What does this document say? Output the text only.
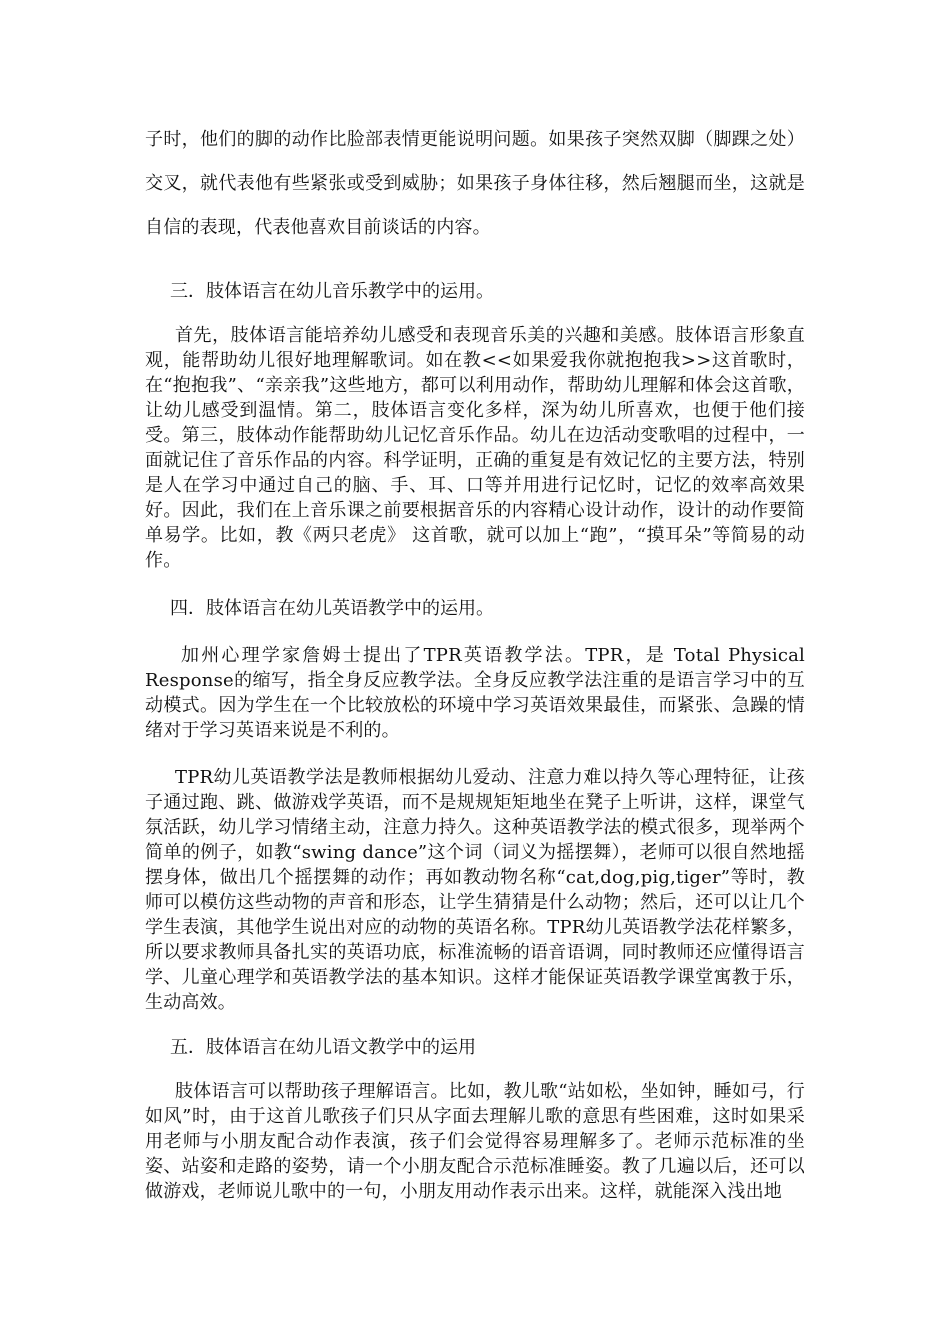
子时，他们的脚的动作比脸部表情更能说明问题。如果孩子突然双脚（脚踝之处）交叉，就代表他有些紧张或受到威胁；如果孩子身体往移，然后翘腿而坐，这就是自信的表现，代表他喜欢目前谈话的内容。

三．肢体语言在幼儿音乐教学中的运用。

首先，肢体语言能培养幼儿感受和表现音乐美的兴趣和美感。肢体语言形象直观，能帮助幼儿很好地理解歌词。如在教<<如果爱我你就抱抱我>>这首歌时，在“抱抱我”、“亲亲我”这些地方，都可以利用动作，帮助幼儿理解和体会这首歌，让幼儿感受到温情。第二，肢体语言变化多样，深为幼儿所喜欢，也便于他们接受。第三，肢体动作能帮助幼儿记忆音乐作品。幼儿在边活动变歌唱的过程中，一面就记住了音乐作品的内容。科学证明，正确的重复是有效记忆的主要方法，特别是人在学习中通过自己的脑、手、耳、口等并用进行记忆时，记忆的效率高效果好。因此，我们在上音乐课之前要根据音乐的内容精心设计动作，设计的动作要简单易学。比如，教《两只老虎》 这首歌，就可以加上“跑”，“摸耳朵”等简易的动作。

四．肢体语言在幼儿英语教学中的运用。

加州心理学家詹姆士提出了TPR英语教学法。TPR，是 Total Physical Response的缩写，指全身反应教学法。全身反应教学法注重的是语言学习中的互动模式。因为学生在一个比较放松的环境中学习英语效果最佳，而紧张、急躁的情绪对于学习英语来说是不利的。

TPR幼儿英语教学法是教师根据幼儿爱动、注意力难以持久等心理特征，让孩子通过跑、跳、做游戏学英语，而不是规规矩矩地坐在凳子上听讲，这样，课堂气氛活跃，幼儿学习情绪主动，注意力持久。这种英语教学法的模式很多，现举两个简单的例子，如教“swing dance”这个词（词义为摇摆舞），老师可以很自然地摇摆身体，做出几个摇摆舞的动作；再如教动物名称“cat,dog,pig,tiger”等时，教师可以模仿这些动物的声音和形态，让学生猜猜是什么动物；然后，还可以让几个学生表演，其他学生说出对应的动物的英语名称。TPR幼儿英语教学法花样繁多，所以要求教师具备扎实的英语功底，标准流畅的语音语调，同时教师还应懂得语言学、儿童心理学和英语教学法的基本知识。这样才能保证英语教学课堂寓教于乐，生动高效。

五．肢体语言在幼儿语文教学中的运用

肢体语言可以帮助孩子理解语言。比如，教儿歌“站如松，坐如钟，睡如弓，行如风”时，由于这首儿歌孩子们只从字面去理解儿歌的意思有些困难，这时如果采用老师与小朋友配合动作表演，孩子们会觉得容易理解多了。老师示范标准的坐姿、站姿和走路的姿势，请一个小朋友配合示范标准睡姿。教了几遍以后，还可以做游戏，老师说儿歌中的一句，小朋友用动作表示出来。这样，就能深入浅出地
